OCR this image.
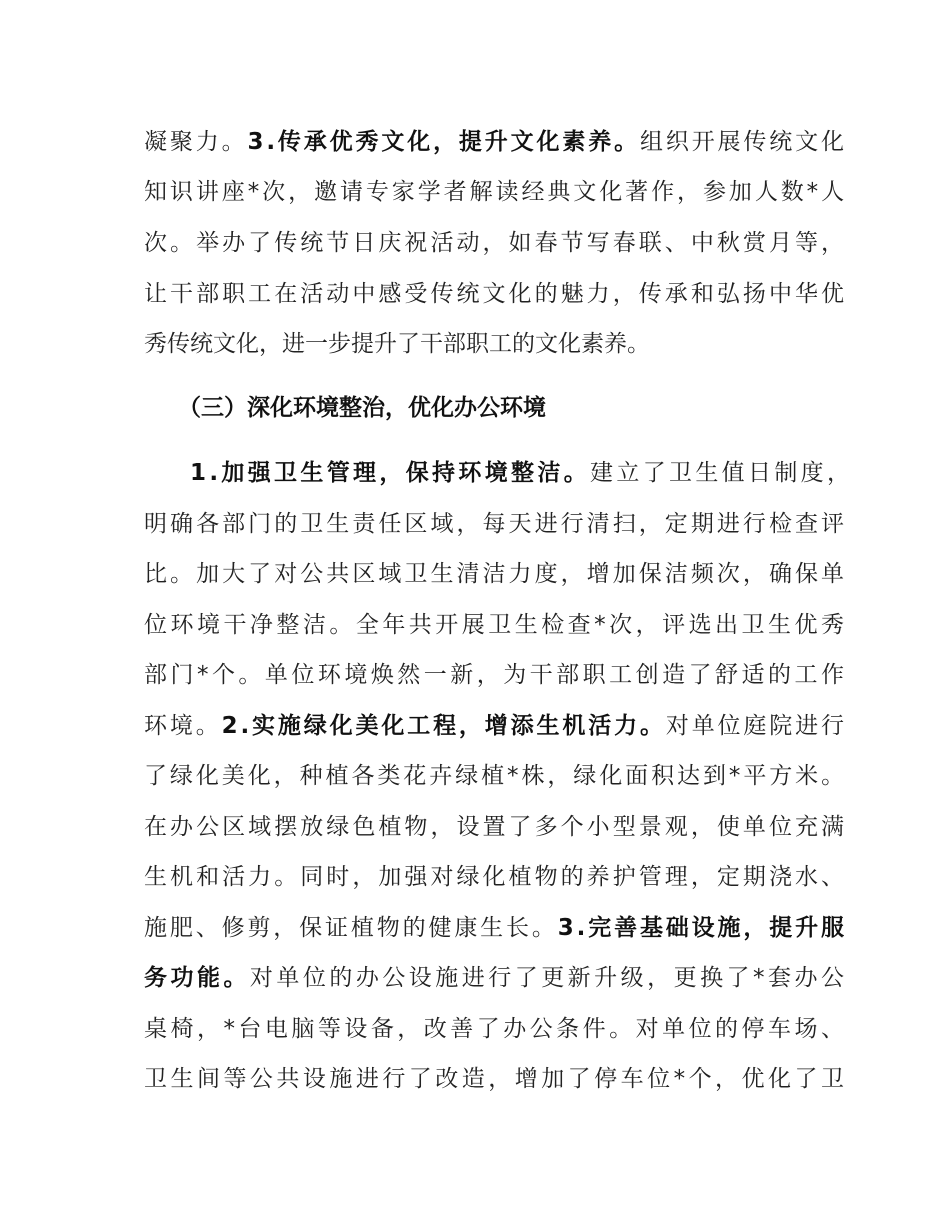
凝聚力。3.传承优秀文化，提升文化素养。组织开展传统文化
知识讲座*次，邀请专家学者解读经典文化著作，参加人数*人
次。举办了传统节日庆祝活动，如春节写春联、中秋赏月等，
让干部职工在活动中感受传统文化的魅力，传承和弘扬中华优
秀传统文化，进一步提升了干部职工的文化素养。
（三）深化环境整治，优化办公环境
1.加强卫生管理，保持环境整洁。建立了卫生值日制度，
明确各部门的卫生责任区域，每天进行清扫，定期进行检查评
比。加大了对公共区域卫生清洁力度，增加保洁频次，确保单
位环境干净整洁。全年共开展卫生检查*次，评选出卫生优秀
部门*个。单位环境焕然一新，为干部职工创造了舒适的工作
环境。2.实施绿化美化工程，增添生机活力。对单位庭院进行
了绿化美化，种植各类花卉绿植*株，绿化面积达到*平方米。
在办公区域摆放绿色植物，设置了多个小型景观，使单位充满
生机和活力。同时，加强对绿化植物的养护管理，定期浇水、
施肥、修剪，保证植物的健康生长。3.完善基础设施，提升服
务功能。对单位的办公设施进行了更新升级，更换了*套办公
桌椅，*台电脑等设备，改善了办公条件。对单位的停车场、
卫生间等公共设施进行了改造，增加了停车位*个，优化了卫
